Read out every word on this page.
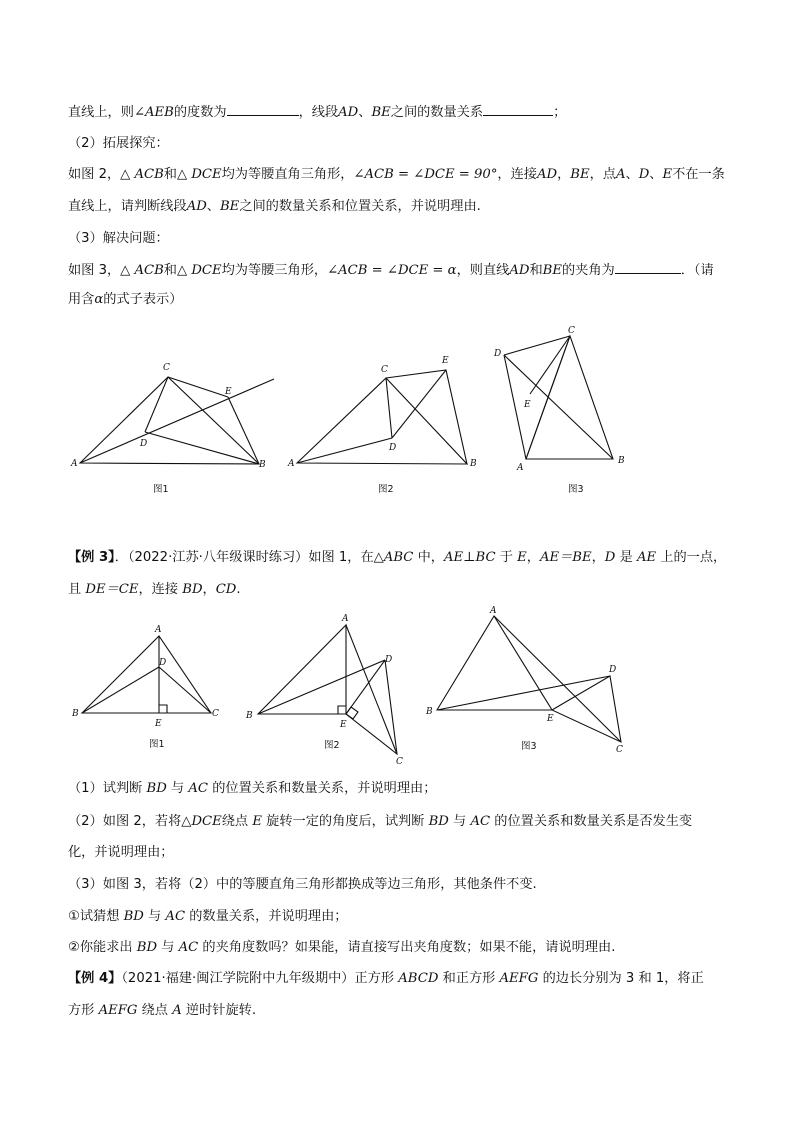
直线上，则∠AEB的度数为	，线段AD、BE之间的数量关系	；
（2）拓展探究：
如图 2，△ ACB和△ DCE均为等腰直角三角形，∠ACB = ∠DCE = 90°，连接AD，BE，点A、D、E不在一条
直线上，请判断线段AD、BE之间的数量关系和位置关系，并说明理由.
（3）解决问题：
如图 3，△ ACB和△ DCE均为等腰三角形，∠ACB = ∠DCE = α，则直线AD和BE的夹角为	．（请
用含α的式子表示）
C
E
D
A	B
图1
C
E
D
A	B
图2
D
C
E
A
B
图3
【例 3】．（2022·江苏·八年级课时练习）如图 1，在△ABC 中，AE⊥BC 于 E，AE＝BE，D 是 AE 上的一点，
且 DE＝CE，连接 BD，CD.
A
D
B
E
C
图1
A
D
B
E
C
图2
A
D
B
E
C
图3
（1）试判断 BD 与 AC 的位置关系和数量关系，并说明理由；
（2）如图 2，若将△DCE绕点 E 旋转一定的角度后，试判断 BD 与 AC 的位置关系和数量关系是否发生变
化，并说明理由；
（3）如图 3，若将（2）中的等腰直角三角形都换成等边三角形，其他条件不变.
①试猜想 BD 与 AC 的数量关系，并说明理由；
②你能求出 BD 与 AC 的夹角度数吗？如果能，请直接写出夹角度数；如果不能，请说明理由.
【例 4】（2021·福建·闽江学院附中九年级期中）正方形 ABCD 和正方形 AEFG 的边长分别为 3 和 1，将正
方形 AEFG 绕点 A 逆时针旋转.
